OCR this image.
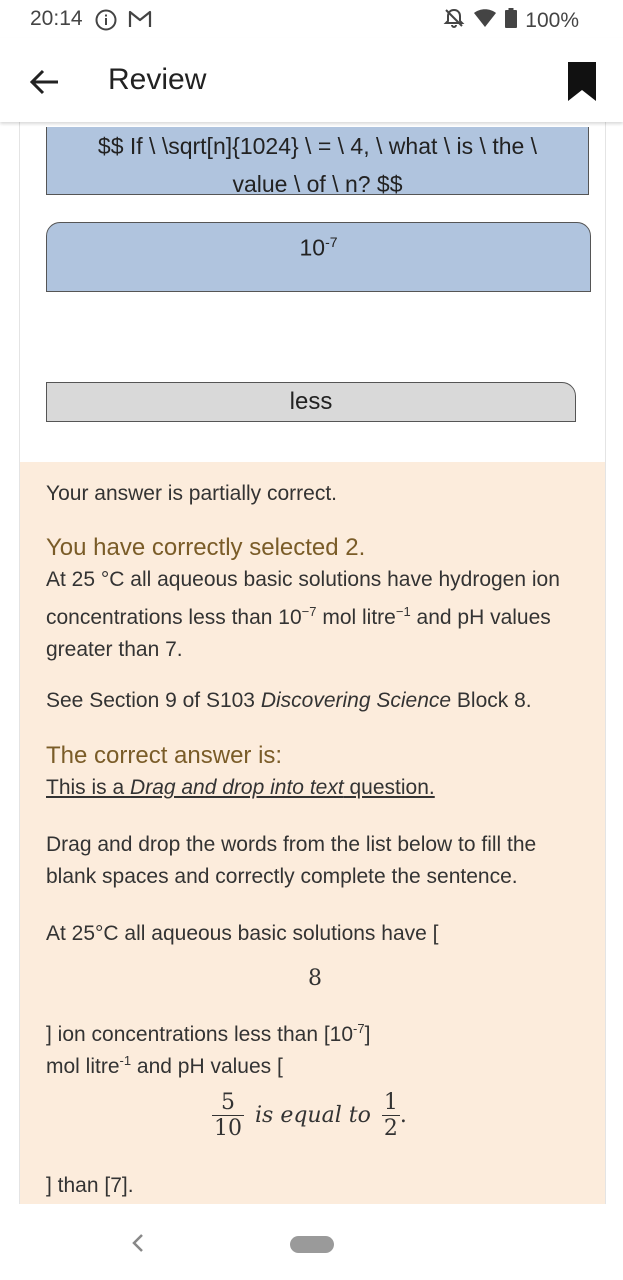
20:14	100%
Review
$$ If \ \sqrt[n]{1024} \ = \ 4, \ what \ is \ the \
value \ of \ n? $$
$10^{-7}$
less
Your answer is partially correct.
You have correctly selected 2.
At 25 °C all aqueous basic solutions have hydrogen ion concentrations less than $10^{-7}$ mol litre$^{-1}$ and pH values greater than 7.
See Section 9 of S103 Discovering Science Block 8.
The correct answer is:
This is a Drag and drop into text question.
Drag and drop the words from the list below to fill the blank spaces and correctly complete the sentence.
At 25°C all aqueous basic solutions have [
8
] ion concentrations less than $[10^{-7}]$
mol litre$^{-1}$ and pH values [
$\frac{5}{10}$ is equal to $\frac{1}{2}$ .
] than [7].
